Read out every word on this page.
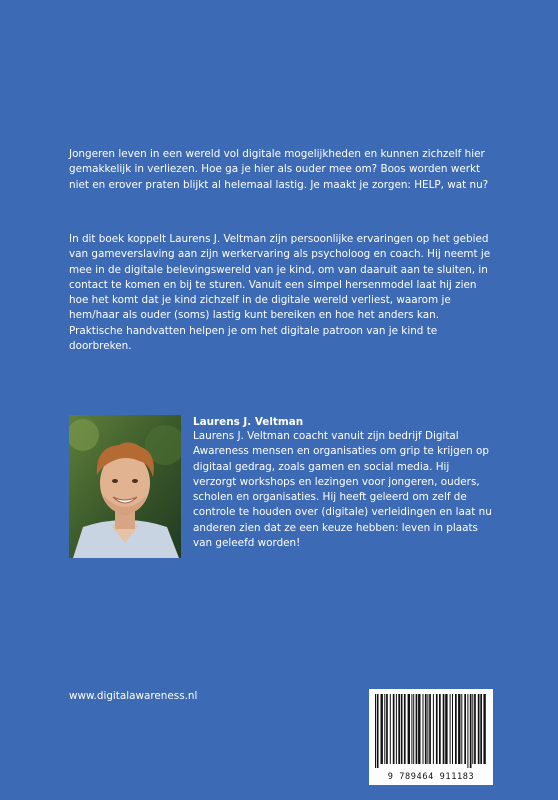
Jongeren leven in een wereld vol digitale mogelijkheden en kunnen zichzelf hier gemakkelijk in verliezen. Hoe ga je hier als ouder mee om? Boos worden werkt niet en erover praten blijkt al helemaal lastig. Je maakt je zorgen: HELP, wat nu?

In dit boek koppelt Laurens J. Veltman zijn persoonlijke ervaringen op het gebied van gameverslaving aan zijn werkervaring als psycholoog en coach. Hij neemt je mee in de digitale belevingswereld van je kind, om van daaruit aan te sluiten, in contact te komen en bij te sturen. Vanuit een simpel hersenmodel laat hij zien hoe het komt dat je kind zichzelf in de digitale wereld verliest, waarom je hem/haar als ouder (soms) lastig kunt bereiken en hoe het anders kan. Praktische handvatten helpen je om het digitale patroon van je kind te doorbreken.

Laurens J. Veltman

Laurens J. Veltman coacht vanuit zijn bedrijf Digital Awareness mensen en organisaties om grip te krijgen op digitaal gedrag, zoals gamen en social media. Hij verzorgt workshops en lezingen voor jongeren, ouders, scholen en organisaties. Hij heeft geleerd om zelf de controle te houden over (digitale) verleidingen en laat nu anderen zien dat ze een keuze hebben: leven in plaats van geleefd worden!

www.digitalawareness.nl
9 789464 911183
